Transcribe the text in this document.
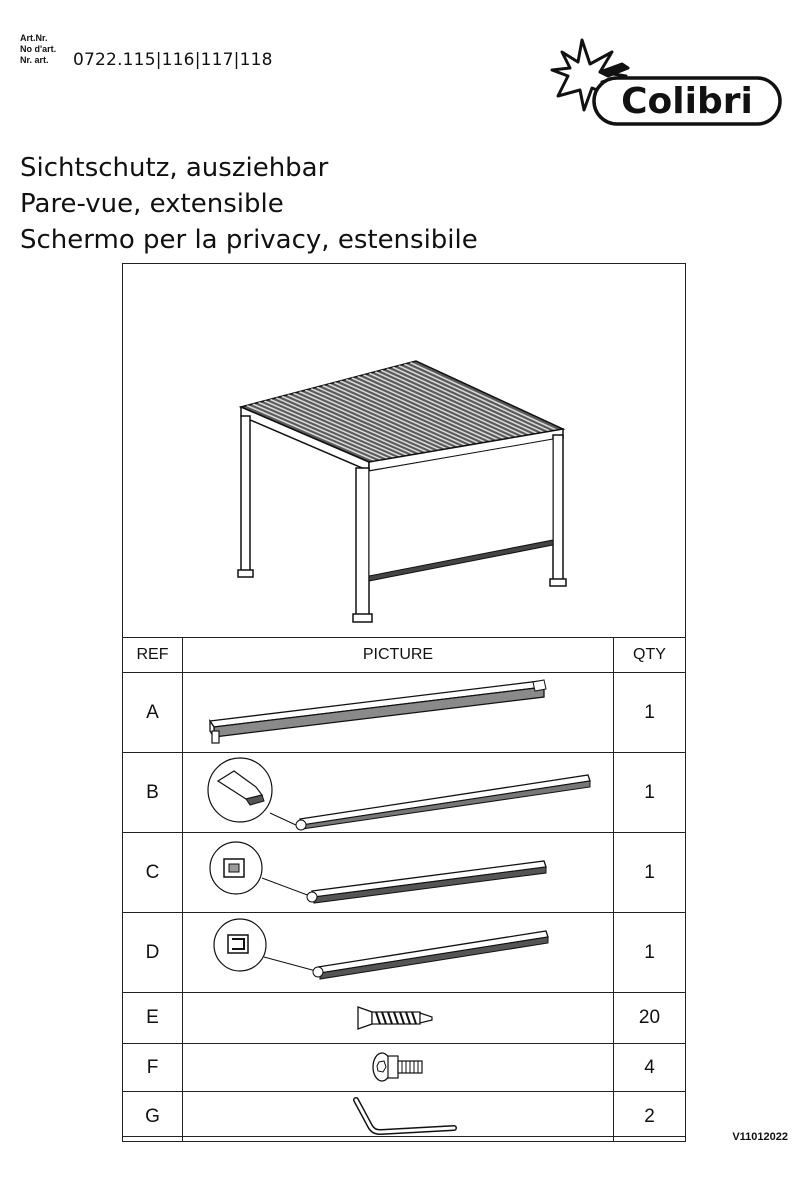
Art.Nr.
No d'art.
Nr. art.	0722.115|116|117|118
Colibri
Sichtschutz, ausziehbar
Pare-vue, extensible
Schermo per la privacy, estensibile
REF	PICTURE	QTY
A		1
B		1
C		1
D		1
E		20
F		4
G		2
V11012022
